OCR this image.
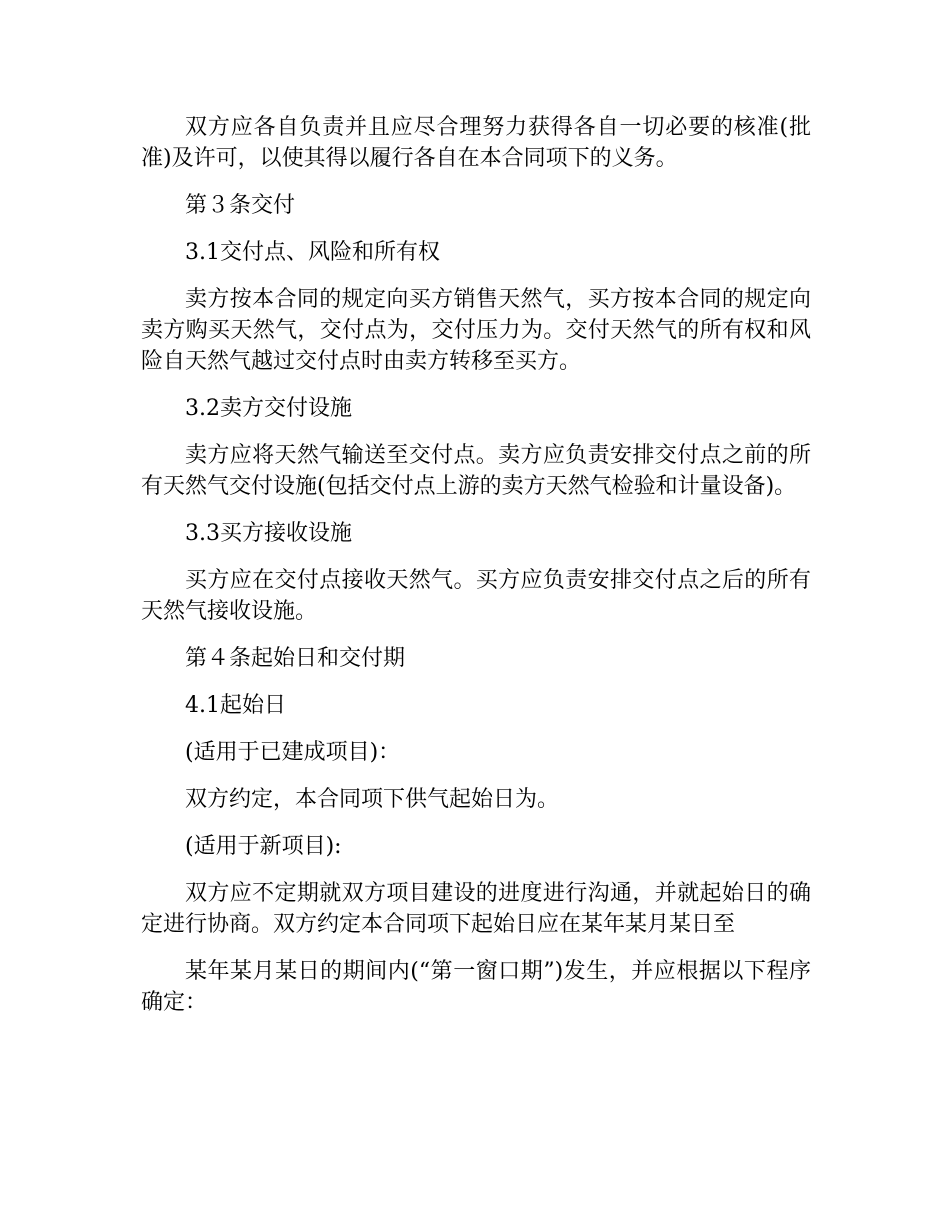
双方应各自负责并且应尽合理努力获得各自一切必要的核准(批准)及许可，以使其得以履行各自在本合同项下的义务。

第３条交付

3.1交付点、风险和所有权

卖方按本合同的规定向买方销售天然气，买方按本合同的规定向卖方购买天然气，交付点为，交付压力为。交付天然气的所有权和风险自天然气越过交付点时由卖方转移至买方。

3.2卖方交付设施

卖方应将天然气输送至交付点。卖方应负责安排交付点之前的所有天然气交付设施(包括交付点上游的卖方天然气检验和计量设备)。

3.3买方接收设施

买方应在交付点接收天然气。买方应负责安排交付点之后的所有天然气接收设施。

第４条起始日和交付期

4.1起始日

(适用于已建成项目)：

双方约定，本合同项下供气起始日为。

(适用于新项目):

双方应不定期就双方项目建设的进度进行沟通，并就起始日的确定进行协商。双方约定本合同项下起始日应在某年某月某日至

某年某月某日的期间内(“第一窗口期”)发生，并应根据以下程序确定：
